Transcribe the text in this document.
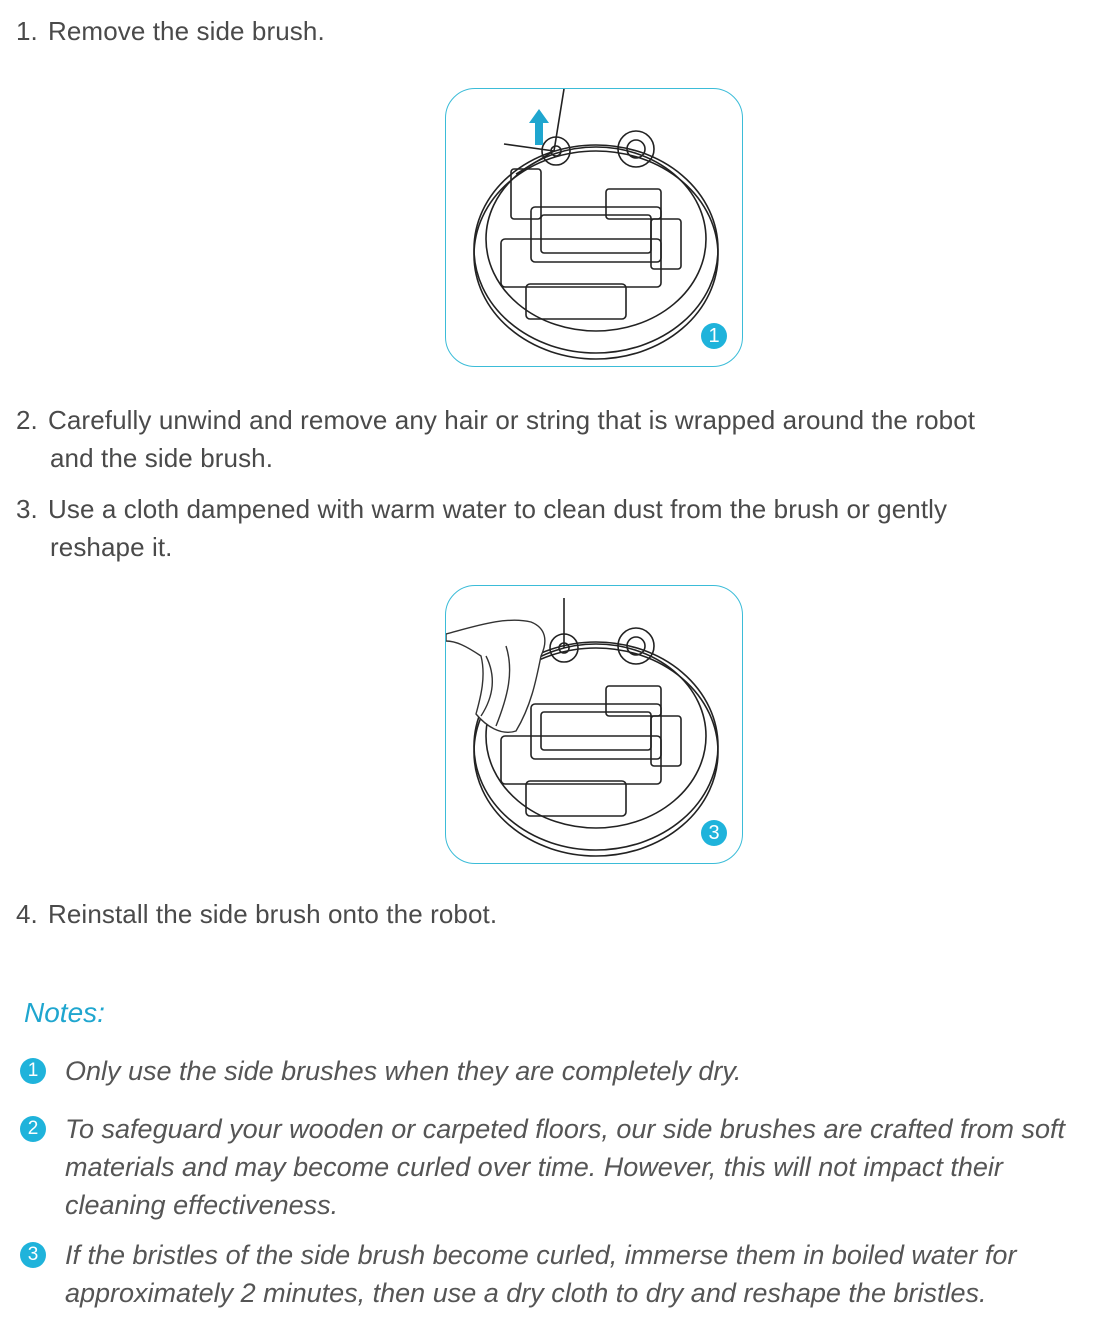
1. Remove the side brush.
1
2. Carefully unwind and remove any hair or string that is wrapped around the robot
and the side brush.
3. Use a cloth dampened with warm water to clean dust from the brush or gently
reshape it.
3
4. Reinstall the side brush onto the robot.
Notes:
1 Only use the side brushes when they are completely dry.
2 To safeguard your wooden or carpeted floors, our side brushes are crafted from soft materials and may become curled over time. However, this will not impact their cleaning effectiveness.
3 If the bristles of the side brush become curled, immerse them in boiled water for approximately 2 minutes, then use a dry cloth to dry and reshape the bristles.
